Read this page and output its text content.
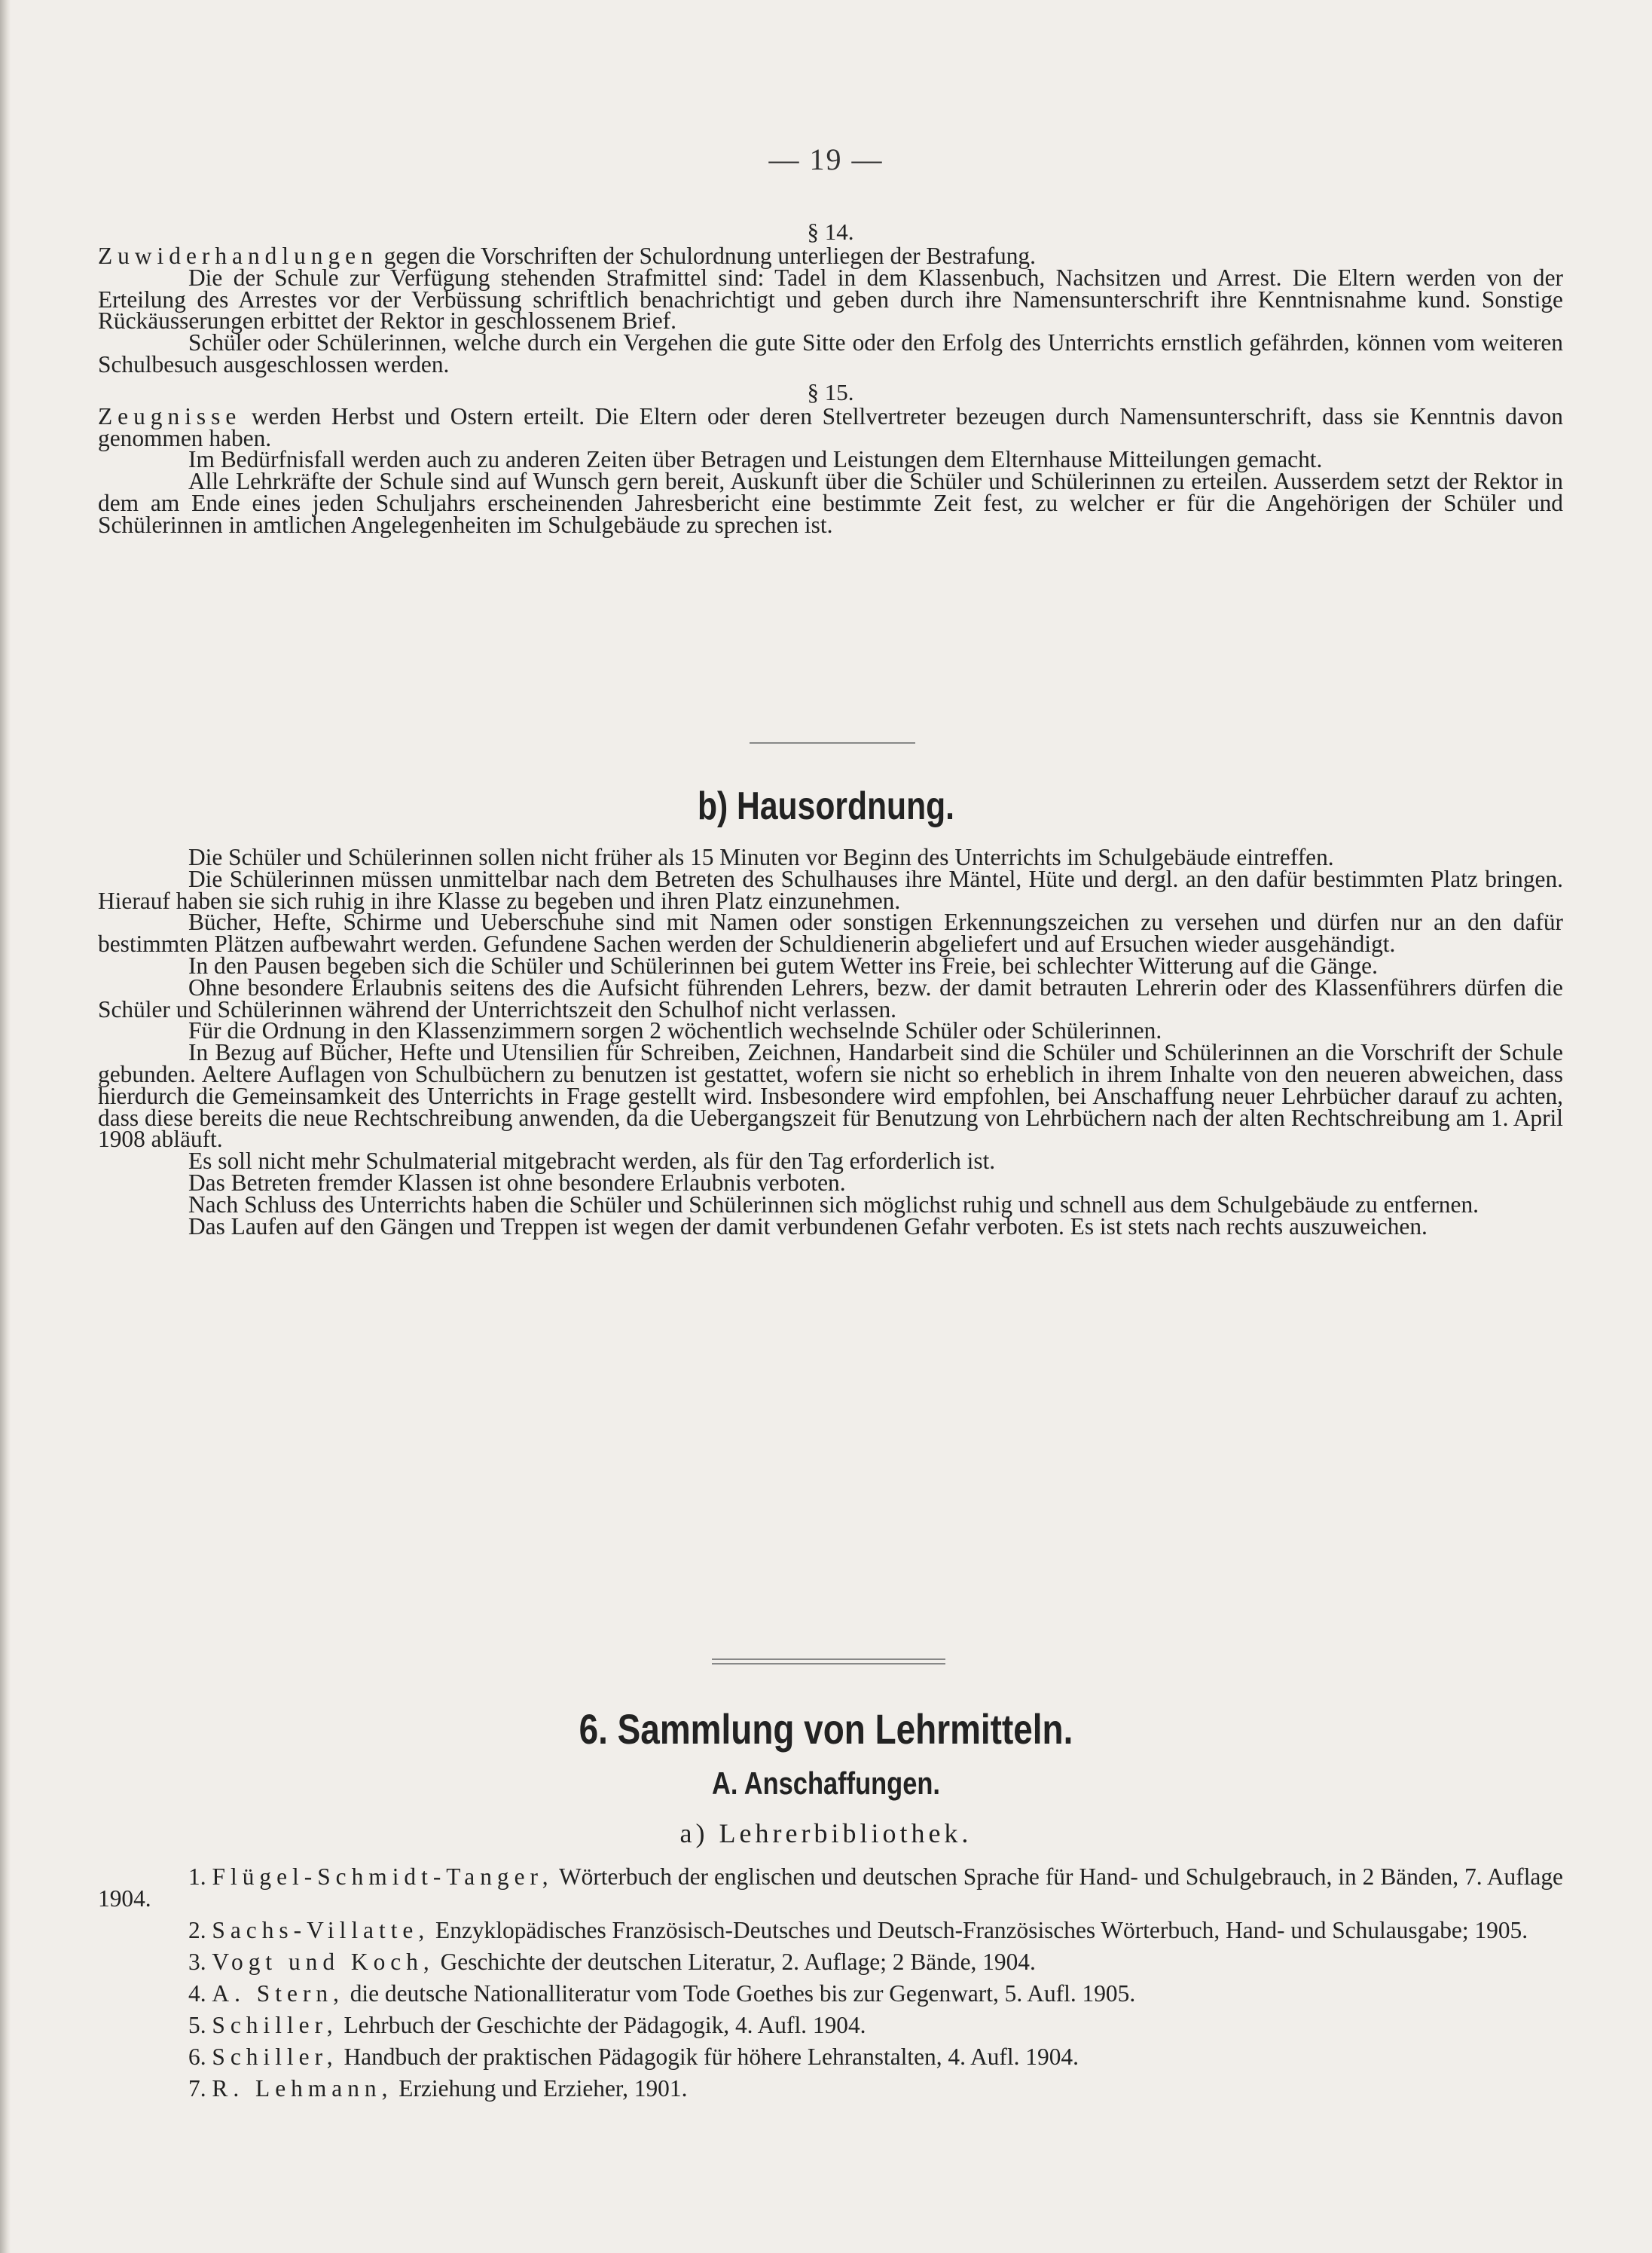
— 19 —
§ 14.

Zuwiderhandlungen gegen die Vorschriften der Schulordnung unterliegen der Bestrafung.

Die der Schule zur Verfügung stehenden Strafmittel sind: Tadel in dem Klassenbuch, Nachsitzen und Arrest. Die Eltern werden von der Erteilung des Arrestes vor der Verbüssung schriftlich benachrichtigt und geben durch ihre Namensunterschrift ihre Kenntnisnahme kund. Sonstige Rückäusserungen erbittet der Rektor in geschlossenem Brief.

Schüler oder Schülerinnen, welche durch ein Vergehen die gute Sitte oder den Erfolg des Unterrichts ernstlich gefährden, können vom weiteren Schulbesuch ausgeschlossen werden.

§ 15.

Zeugnisse werden Herbst und Ostern erteilt. Die Eltern oder deren Stellvertreter bezeugen durch Namensunterschrift, dass sie Kenntnis davon genommen haben.

Im Bedürfnisfall werden auch zu anderen Zeiten über Betragen und Leistungen dem Elternhause Mitteilungen gemacht.

Alle Lehrkräfte der Schule sind auf Wunsch gern bereit, Auskunft über die Schüler und Schülerinnen zu erteilen. Ausserdem setzt der Rektor in dem am Ende eines jeden Schuljahrs erscheinenden Jahresbericht eine bestimmte Zeit fest, zu welcher er für die Angehörigen der Schüler und Schülerinnen in amtlichen Angelegenheiten im Schulgebäude zu sprechen ist.

b) Hausordnung.

Die Schüler und Schülerinnen sollen nicht früher als 15 Minuten vor Beginn des Unterrichts im Schulgebäude eintreffen.

Die Schülerinnen müssen unmittelbar nach dem Betreten des Schulhauses ihre Mäntel, Hüte und dergl. an den dafür bestimmten Platz bringen. Hierauf haben sie sich ruhig in ihre Klasse zu begeben und ihren Platz einzunehmen.

Bücher, Hefte, Schirme und Ueberschuhe sind mit Namen oder sonstigen Erkennungszeichen zu versehen und dürfen nur an den dafür bestimmten Plätzen aufbewahrt werden. Gefundene Sachen werden der Schuldienerin abgeliefert und auf Ersuchen wieder ausgehändigt.

In den Pausen begeben sich die Schüler und Schülerinnen bei gutem Wetter ins Freie, bei schlechter Witterung auf die Gänge.

Ohne besondere Erlaubnis seitens des die Aufsicht führenden Lehrers, bezw. der damit betrauten Lehrerin oder des Klassenführers dürfen die Schüler und Schülerinnen während der Unterrichtszeit den Schulhof nicht verlassen.

Für die Ordnung in den Klassenzimmern sorgen 2 wöchentlich wechselnde Schüler oder Schülerinnen.

In Bezug auf Bücher, Hefte und Utensilien für Schreiben, Zeichnen, Handarbeit sind die Schüler und Schülerinnen an die Vorschrift der Schule gebunden. Aeltere Auflagen von Schulbüchern zu benutzen ist gestattet, wofern sie nicht so erheblich in ihrem Inhalte von den neueren abweichen, dass hierdurch die Gemeinsamkeit des Unterrichts in Frage gestellt wird. Insbesondere wird empfohlen, bei Anschaffung neuer Lehrbücher darauf zu achten, dass diese bereits die neue Rechtschreibung anwenden, da die Uebergangszeit für Benutzung von Lehrbüchern nach der alten Rechtschreibung am 1. April 1908 abläuft.

Es soll nicht mehr Schulmaterial mitgebracht werden, als für den Tag erforderlich ist.

Das Betreten fremder Klassen ist ohne besondere Erlaubnis verboten.

Nach Schluss des Unterrichts haben die Schüler und Schülerinnen sich möglichst ruhig und schnell aus dem Schulgebäude zu entfernen.

Das Laufen auf den Gängen und Treppen ist wegen der damit verbundenen Gefahr verboten. Es ist stets nach rechts auszuweichen.

6. Sammlung von Lehrmitteln.
A. Anschaffungen.
a) Lehrerbibliothek.

1. Flügel-Schmidt-Tanger, Wörterbuch der englischen und deutschen Sprache für Hand- und Schulgebrauch, in 2 Bänden, 7. Auflage 1904.

2. Sachs-Villatte, Enzyklopädisches Französisch-Deutsches und Deutsch-Französisches Wörterbuch, Hand- und Schulausgabe; 1905.

3. Vogt und Koch, Geschichte der deutschen Literatur, 2. Auflage; 2 Bände, 1904.

4. A. Stern, die deutsche Nationalliteratur vom Tode Goethes bis zur Gegenwart, 5. Aufl. 1905.

5. Schiller, Lehrbuch der Geschichte der Pädagogik, 4. Aufl. 1904.

6. Schiller, Handbuch der praktischen Pädagogik für höhere Lehranstalten, 4. Aufl. 1904.

7. R. Lehmann, Erziehung und Erzieher, 1901.
